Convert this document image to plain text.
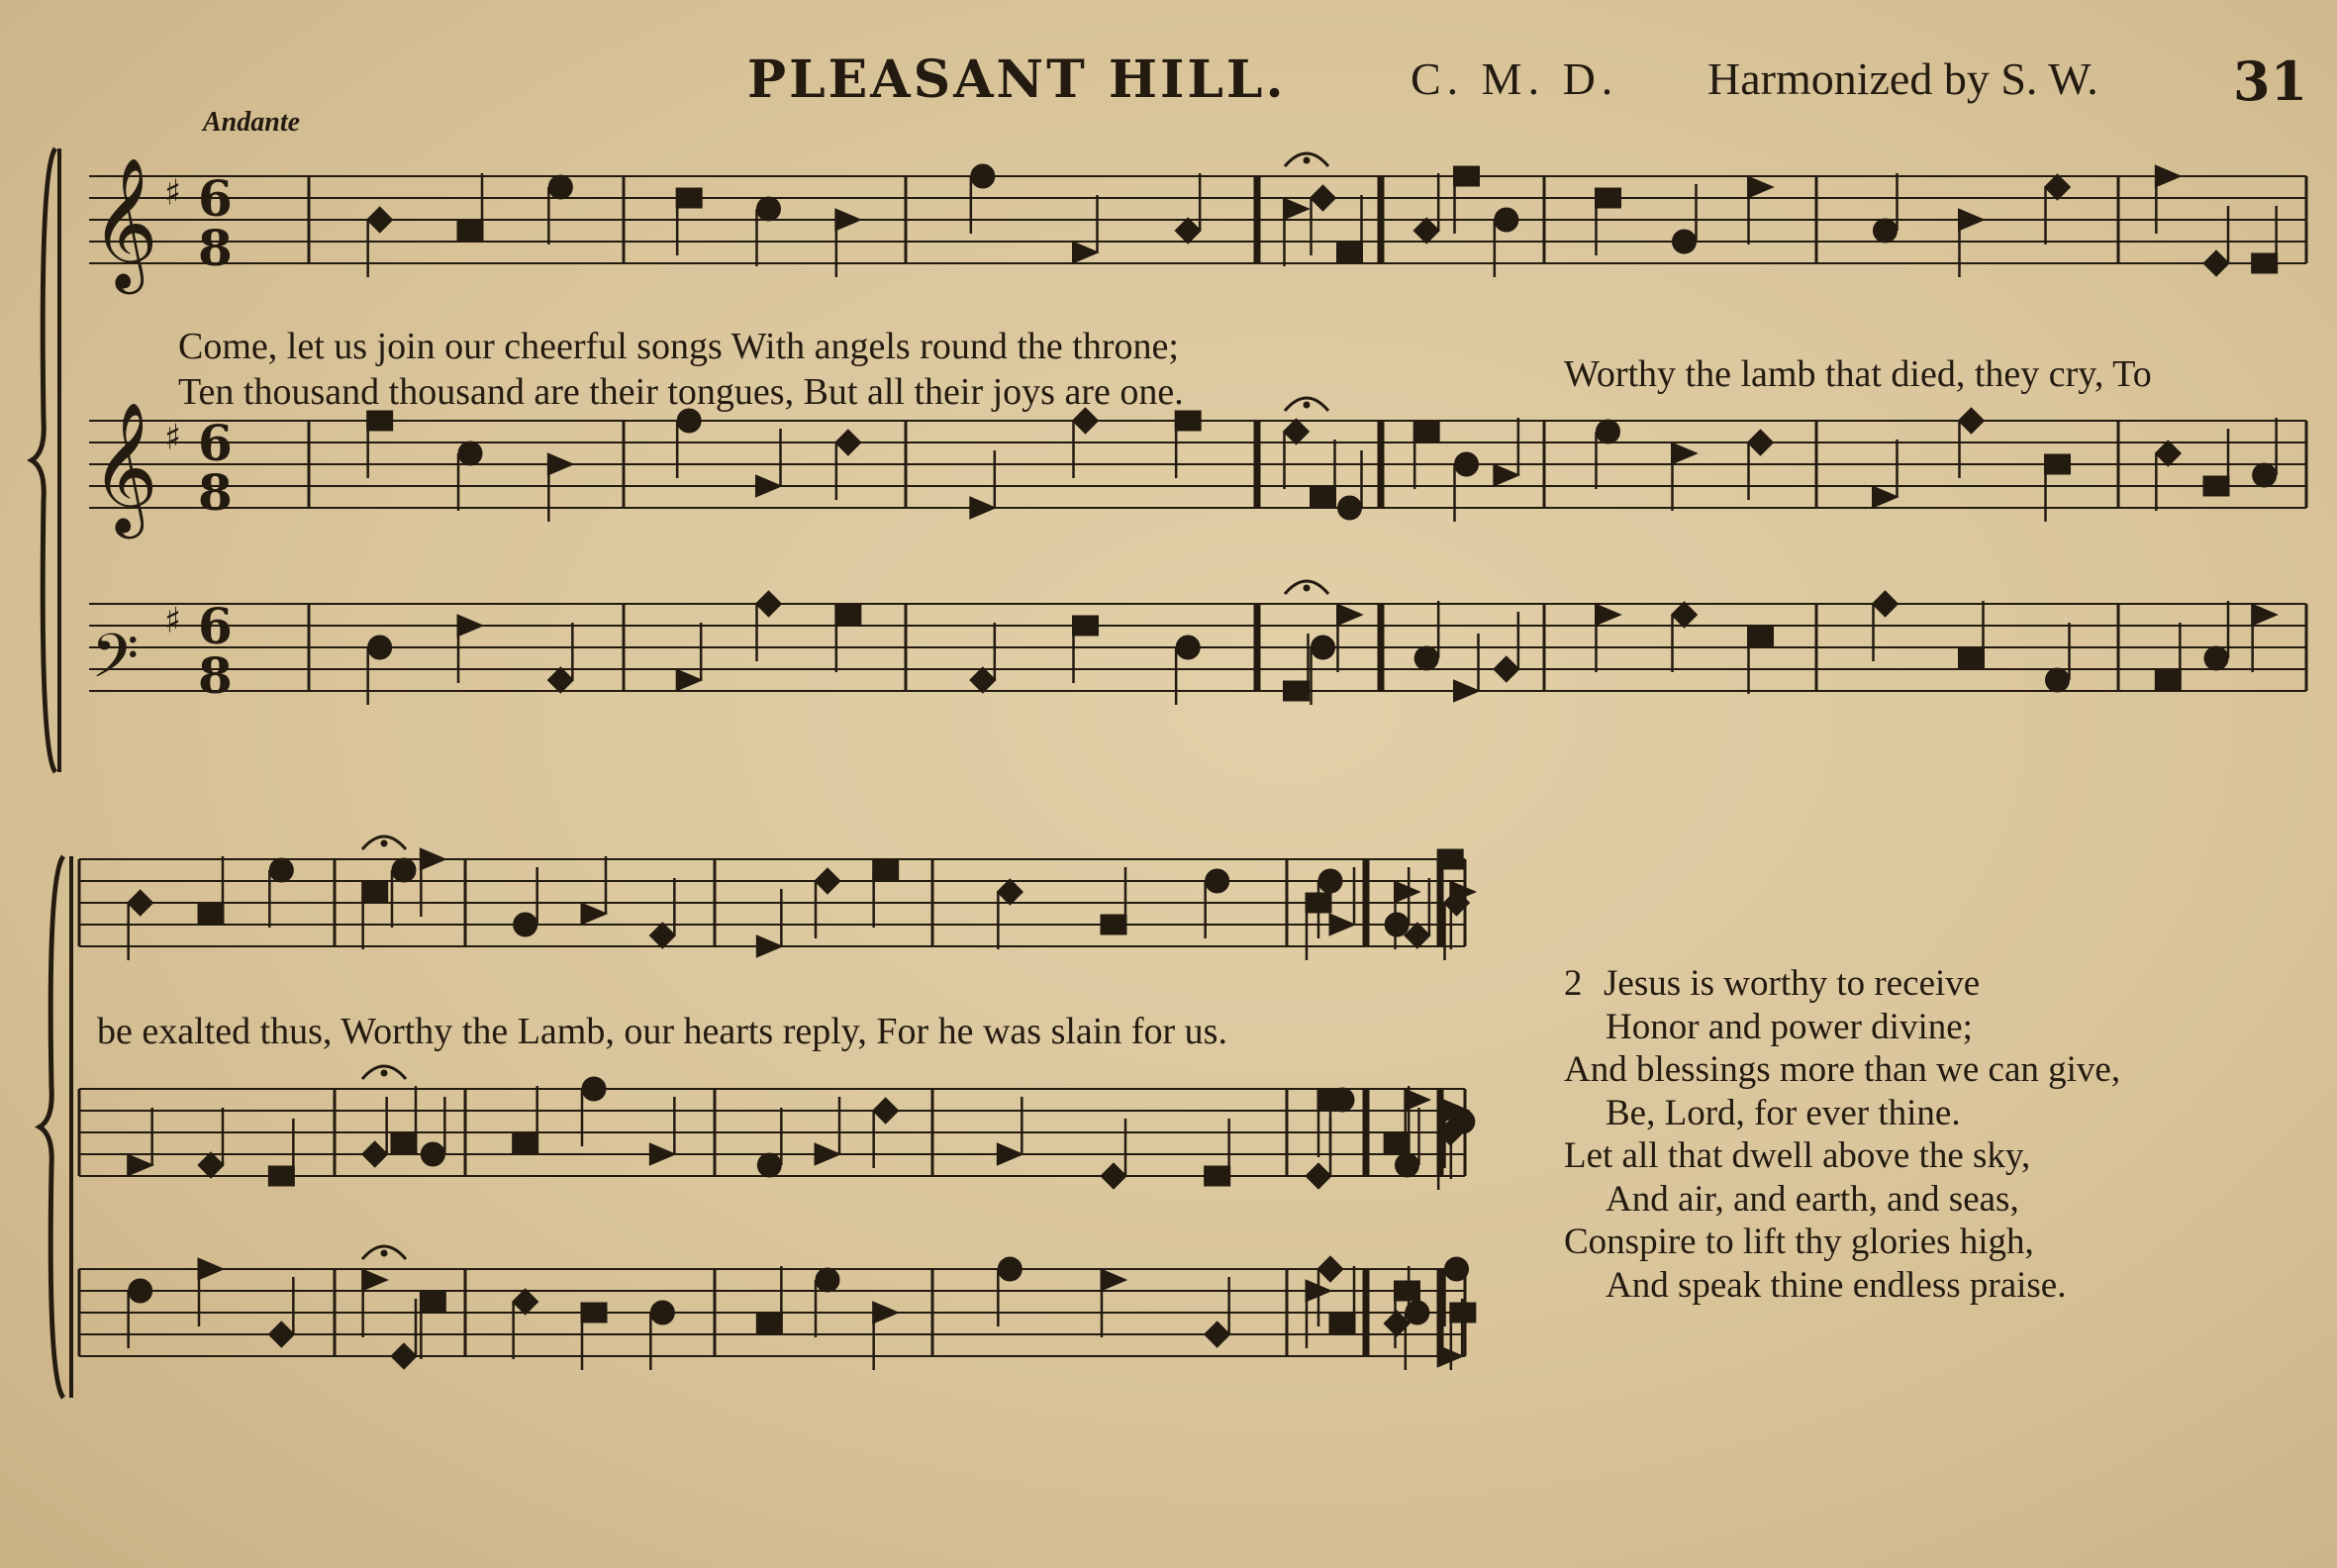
PLEASANT HILL.	C. M. D. Harmonized by S. W.	31
Andante
𝄞 6
8
♯
𝄞 6
8
♯
𝄢 6
8
♯
Come, let us join our cheerful songs With angels round the throne;
Ten thousand thousand are their tongues, But all their joys are one.	Worthy the lamb that died, they cry, To
be exalted thus, Worthy the Lamb, our hearts reply, For he was slain for us.
2 Jesus is worthy to receive
Honor and power divine;
And blessings more than we can give,
Be, Lord, for ever thine.
Let all that dwell above the sky,
And air, and earth, and seas,
Conspire to lift thy glories high,
And speak thine endless praise.
